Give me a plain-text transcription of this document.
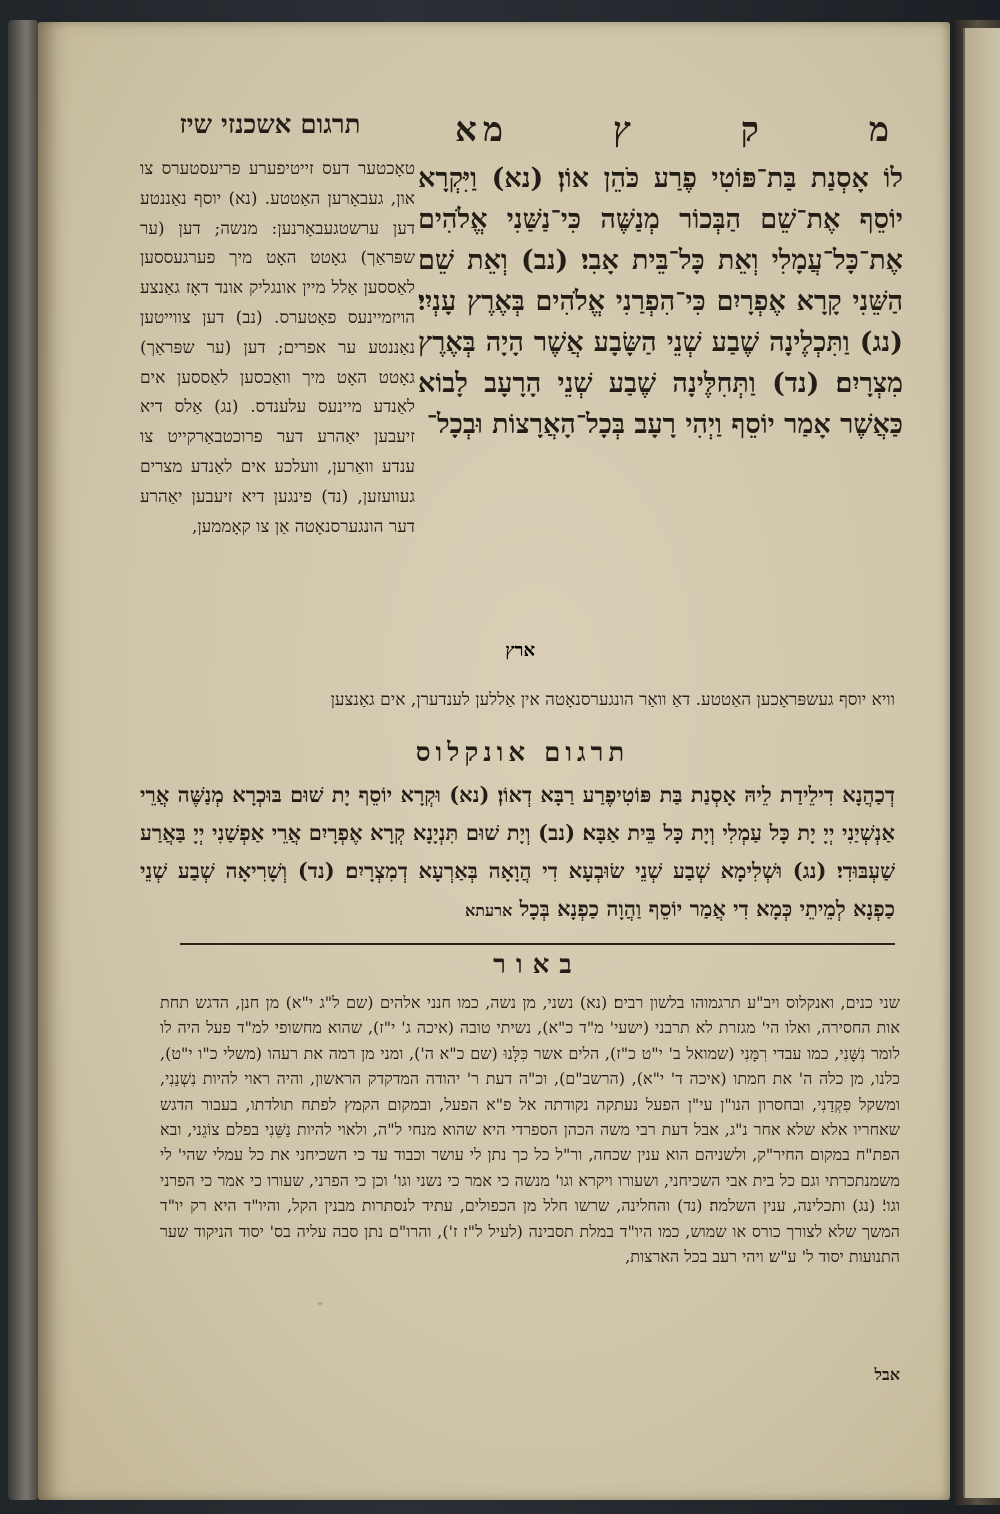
מ
ק
ץ
מא
תרגום אשכנזי שיז
לוֹ אָסְנַת בַּת־פּוֹטִי פֶרַע כֹּהֵן אוֹן׃ (נא) וַיִּקְרָא יוֹסֵף אֶת־שֵׁם הַבְּכוֹר מְנַשֶּׁה כִּי־נַשַּׁנִי אֱלֹהִים אֶת־כָּל־עֲמָלִי וְאֵת כָּל־בֵּית אָבִי׃ (נב) וְאֵת שֵׁם הַשֵּׁנִי קָרָא אֶפְרָיִם כִּי־הִפְרַנִי אֱלֹהִים בְּאֶרֶץ עָנְיִי׃ (נג) וַתִּכְלֶינָה שֶׁבַע שְׁנֵי הַשָּׂבָע אֲשֶׁר הָיָה בְּאֶרֶץ מִצְרָיִם׃ (נד) וַתְּחִלֶּינָה שֶׁבַע שְׁנֵי הָרָעָב לָבוֹא כַּאֲשֶׁר אָמַר יוֹסֵף וַיְהִי רָעָב בְּכָל־הָאֲרָצוֹת וּבְכָל־
ארץ
טאָכטער דעס זייטיפערע פריעסטערס צו און, געבאָרען האַטטע. (נא) יוסף נאַננטע דען ערשטגעבאָרנען: מנשה; דען (ער שפּראַך) גאָטט האָט מיך פערגעססען לאַססען אַלל מיין אונגליק אונד דאָז גאַנצע הויזמיינעס פאַטערס. (נב) דען צווייטען נאַננטע ער אפרים; דען (ער שפּראַך) גאָטט האָט מיך וואַכסען לאַססען אים לאַנדע מיינעס עלענדס. (נג) אַלס דיא זיעבען יאַהרע דער פרוכטבאַרקייט צו ענדע וואַרען, וועלכע אים לאַנדע מצרים געוועזען, (נד) פינגען דיא זיעבען יאַהרע דער הונגערסנאָטה אַן צו קאָממען,
וויא יוסף געשפּראָכען האַטטע. דאַ וואַר הונגערסנאָטה אין אַללען לענדערן, אים גאַנצען
תרגום אונקלוס
דְכַהֲנָא דִילֵידַת לֵיהּ אָסְנַת בַּת פּוֹטִיפֶרַע רַבָּא דְאוֹן׃ (נא) וּקְרָא יוֹסֵף יָת שׁוּם בּוּכְרָא מְנַשֶּׁה אֲרֵי אַנְשְׁיַנִי יְיָ יָת כָּל עַמְלִי וְיָת כָּל בֵּית אַבָּא׃ (נב) וְיָת שׁוּם תִּנְיָנָא קְרָא אֶפְרָיִם אֲרֵי אַפְשַׁנִי יְיָ בַּאֲרַע שַׁעְבּוּדִי׃ (נג) וּשְׁלִימָא שְׁבַע שְׁנֵי שׂוּבְעָא דִי הֲוָאָה בְּאַרְעָא דְמִצְרָיִם׃ (נד) וְשָׁרִיאָה שְׁבַע שְׁנֵי כַפְנָא לְמֵיתֵי כְּמָא דִי אֲמַר יוֹסֵף וַהֲוָה כַפְנָא בְּכָל ארעתא
באור
שני כנים, ואנקלוס ויב"ע תרגמוהו בלשון רבים׃ (נא) נשני, מן נשה, כמו חנני אלהים (שם ל"ג י"א) מן חנן, הדגש תחת אות החסירה, ואלו הי' מגזרת לא תרבני (ישעי' מ"ד כ"א), נשיתי טובה (איכה ג' י"ז), שהוא מחשופי למ"ד פעל היה לו לומר נִשָּׁנִי, כמו עבדי רִמָּנִי (שמואל ב' י"ט כ"ז), הלים אשר כִּלָּנוּ (שם כ"א ה'), ומני מן רמה את רעהו (משלי כ"ו י"ט), כלנו, מן כלה ה' את חמתו (איכה ד' י"א), (הרשב"ם), וכ"ה דעת ר' יהודה המדקדק הראשון, והיה ראוי להיות נִשְׁנַנִי, ומשקל פִקְדַנִי, ובחסרון הנו"ן עי"ן הפעל נעתקה נקודתה אל פ"א הפעל, ובמקום הקמץ לפתח תולדתו, בעבור הדגש שאחריו אלא שלא אחר נ"ג, אבל דעת רבי משה הכהן הספרדי היא שהוא מנחי ל"ה, ולאוי להיות נַשֵּׁנִי בפלם צוֹגֵני, ובא הפת"ח במקום החיר"ק, ולשניהם הוא ענין שכחה, ור"ל כל כך נתן לי עושר וכבוד עד כי השכיחני את כל עמלי שהי' לי משמנתכרתי וגם כל בית אבי השכיחני, ושעורו ויקרא וגו' מנשה כי אמר כי נשני וגו' וכן כי הפרני, שעורו כי אמר כי הפרני וגו'׃ (נג) ותכלינה, ענין השלמה׃ (נד) והחלינה, שרשו חלל מן הכפולים, עתיד לנסתרות מבנין הקל, והיו"ד היא רק יו"ד המשך שלא לצורך כורס או שמוש, כמו היו"ד במלת תסבינה (לעיל ל"ז ז'), והרו"ם נתן סבה עליה בס' יסוד הניקוד שער התנועות יסוד ל' ע"ש׃ ויהי רעב בכל הארצות,
אבל
